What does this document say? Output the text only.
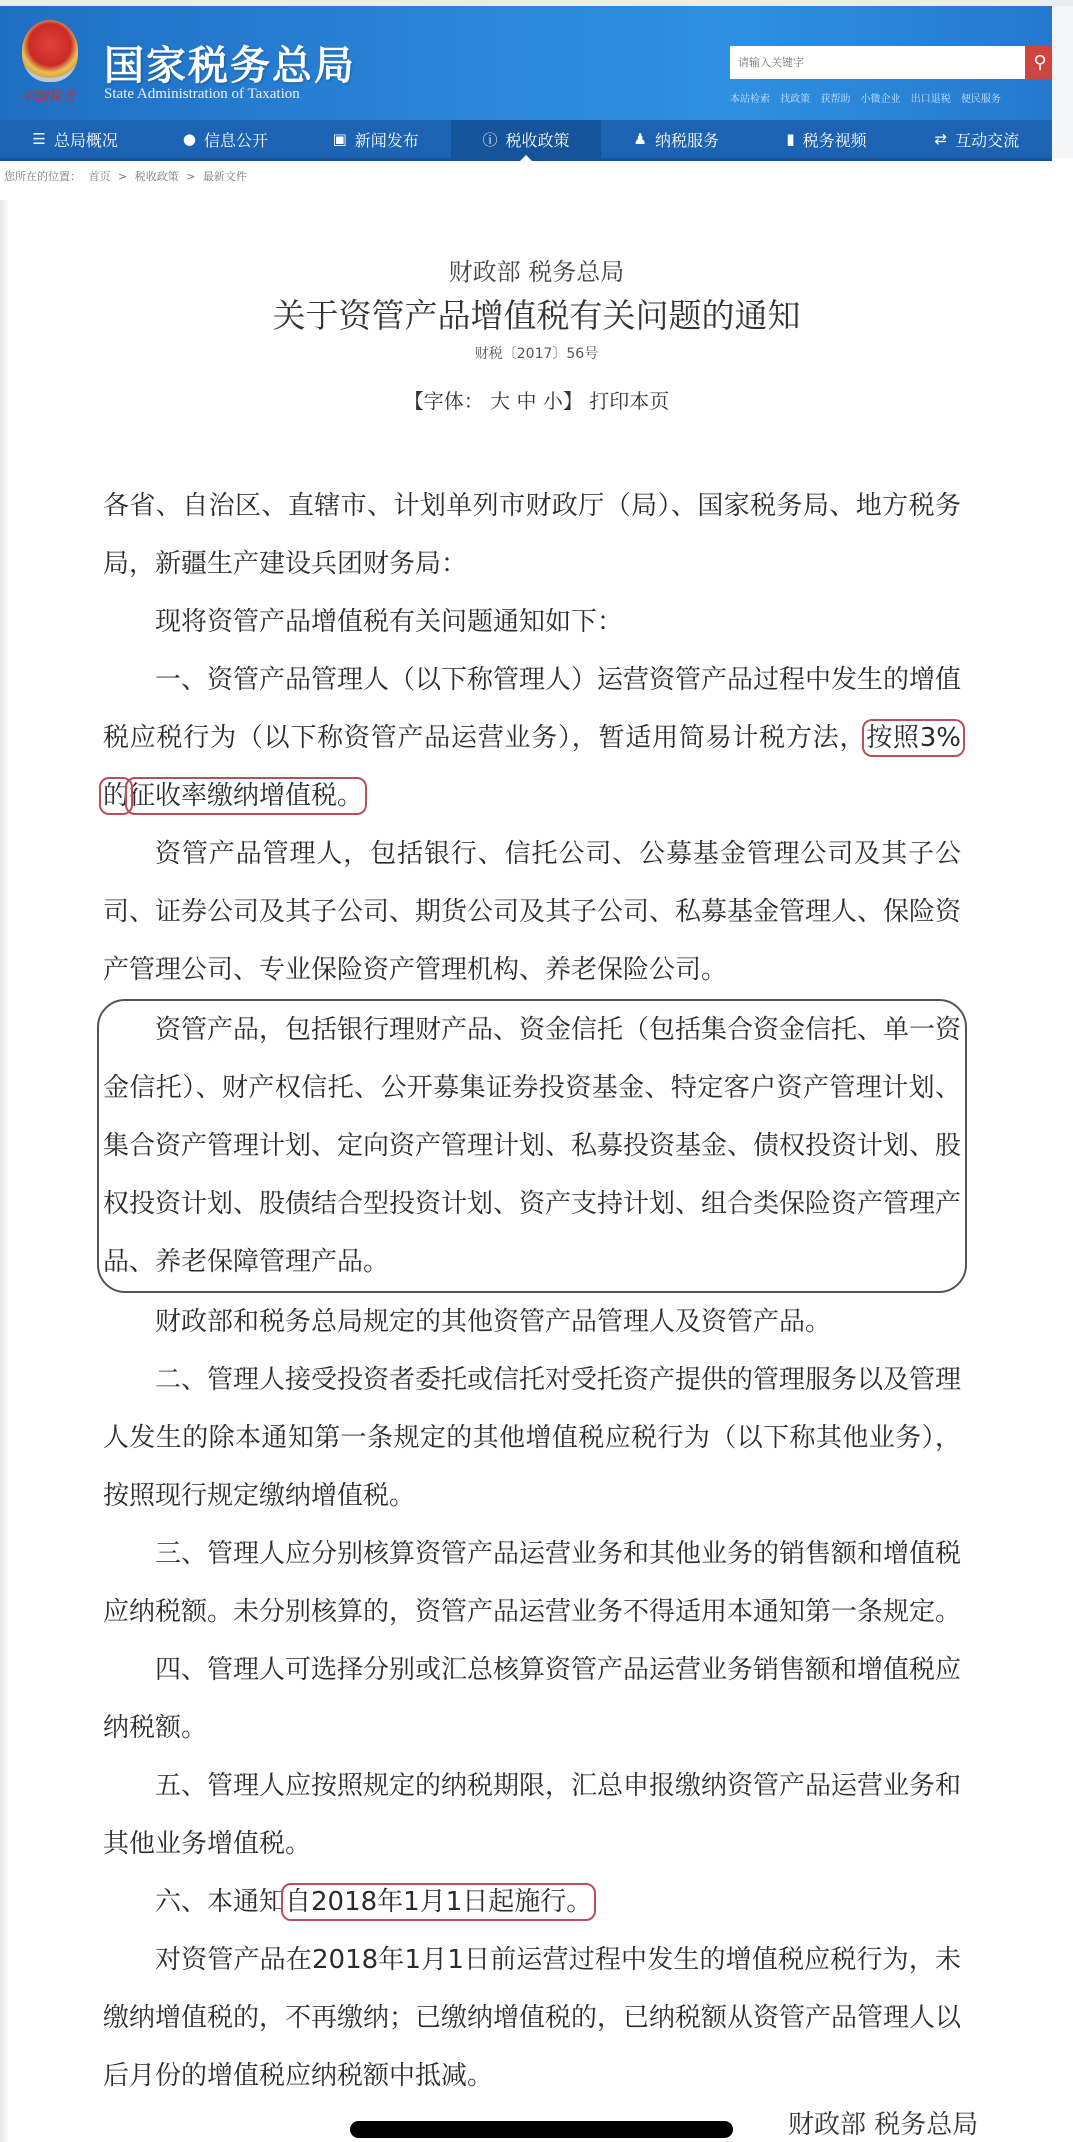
中国税务
国家税务总局
State Administration of Taxation
请输入关键字
⚲
本站检索 找政策 获帮助 小微企业 出口退税 便民服务
☰ 总局概况	● 信息公开	▣ 新闻发布	ⓘ 税收政策	♟ 纳税服务	▮ 税务视频	⇄ 互动交流
您所在的位置： 首页 > 税收政策 > 最新文件
财政部 税务总局
关于资管产品增值税有关问题的通知
财税〔2017〕56号
【字体： 大 中 小】 打印本页

各省、自治区、直辖市、计划单列市财政厅（局）、国家税务局、地方税务局，新疆生产建设兵团财务局：

现将资管产品增值税有关问题通知如下：

一、资管产品管理人（以下称管理人）运营资管产品过程中发生的增值税应税行为（以下称资管产品运营业务），暂适用简易计税方法，按照3%的征收率缴纳增值税。

资管产品管理人，包括银行、信托公司、公募基金管理公司及其子公司、证券公司及其子公司、期货公司及其子公司、私募基金管理人、保险资产管理公司、专业保险资产管理机构、养老保险公司。

资管产品，包括银行理财产品、资金信托（包括集合资金信托、单一资金信托）、财产权信托、公开募集证券投资基金、特定客户资产管理计划、集合资产管理计划、定向资产管理计划、私募投资基金、债权投资计划、股权投资计划、股债结合型投资计划、资产支持计划、组合类保险资产管理产品、养老保障管理产品。

财政部和税务总局规定的其他资管产品管理人及资管产品。

二、管理人接受投资者委托或信托对受托资产提供的管理服务以及管理人发生的除本通知第一条规定的其他增值税应税行为（以下称其他业务），按照现行规定缴纳增值税。

三、管理人应分别核算资管产品运营业务和其他业务的销售额和增值税应纳税额。未分别核算的，资管产品运营业务不得适用本通知第一条规定。

四、管理人可选择分别或汇总核算资管产品运营业务销售额和增值税应纳税额。

五、管理人应按照规定的纳税期限，汇总申报缴纳资管产品运营业务和其他业务增值税。

六、本通知自2018年1月1日起施行。

对资管产品在2018年1月1日前运营过程中发生的增值税应税行为，未缴纳增值税的，不再缴纳；已缴纳增值税的，已纳税额从资管产品管理人以后月份的增值税应纳税额中抵减。

财政部 税务总局
